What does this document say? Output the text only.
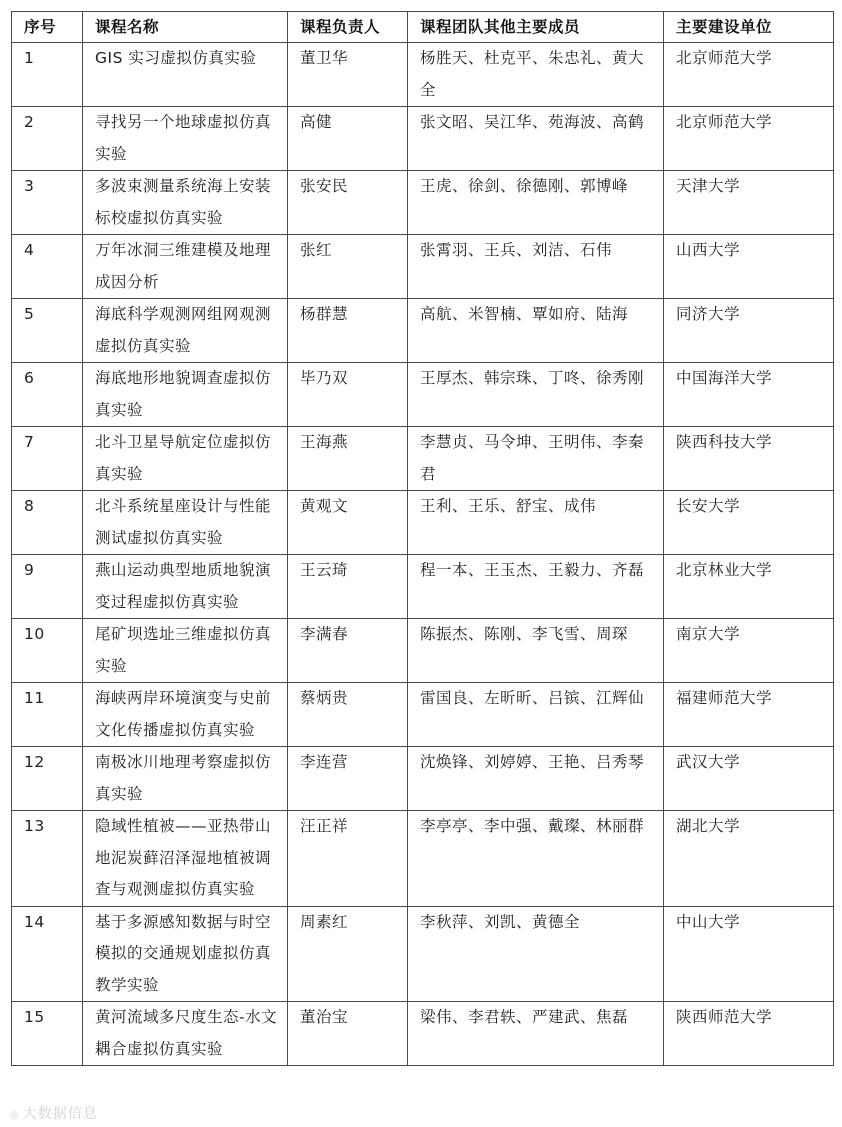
序号	课程名称	课程负责人	课程团队其他主要成员	主要建设单位
1	GIS 实习虚拟仿真实验	董卫华	杨胜天、杜克平、朱忠礼、黄大全	北京师范大学
2	寻找另一个地球虚拟仿真实验	高健	张文昭、吴江华、苑海波、高鹤	北京师范大学
3	多波束测量系统海上安装标校虚拟仿真实验	张安民	王虎、徐剑、徐德刚、郭博峰	天津大学
4	万年冰洞三维建模及地理成因分析	张红	张霄羽、王兵、刘洁、石伟	山西大学
5	海底科学观测网组网观测虚拟仿真实验	杨群慧	高航、米智楠、覃如府、陆海	同济大学
6	海底地形地貌调查虚拟仿真实验	毕乃双	王厚杰、韩宗珠、丁咚、徐秀刚	中国海洋大学
7	北斗卫星导航定位虚拟仿真实验	王海燕	李慧贞、马令坤、王明伟、李秦君	陕西科技大学
8	北斗系统星座设计与性能测试虚拟仿真实验	黄观文	王利、王乐、舒宝、成伟	长安大学
9	燕山运动典型地质地貌演变过程虚拟仿真实验	王云琦	程一本、王玉杰、王毅力、齐磊	北京林业大学
10	尾矿坝选址三维虚拟仿真实验	李满春	陈振杰、陈刚、李飞雪、周琛	南京大学
11	海峡两岸环境演变与史前文化传播虚拟仿真实验	蔡炳贵	雷国良、左昕昕、吕镔、江辉仙	福建师范大学
12	南极冰川地理考察虚拟仿真实验	李连营	沈焕锋、刘婷婷、王艳、吕秀琴	武汉大学
13	隐域性植被——亚热带山地泥炭藓沼泽湿地植被调查与观测虚拟仿真实验	汪正祥	李亭亭、李中强、戴璨、林丽群	湖北大学
14	基于多源感知数据与时空模拟的交通规划虚拟仿真教学实验	周素红	李秋萍、刘凯、黄德全	中山大学
15	黄河流域多尺度生态-水文耦合虚拟仿真实验	董治宝	梁伟、李君轶、严建武、焦磊	陕西师范大学
◎ 大数据信息
